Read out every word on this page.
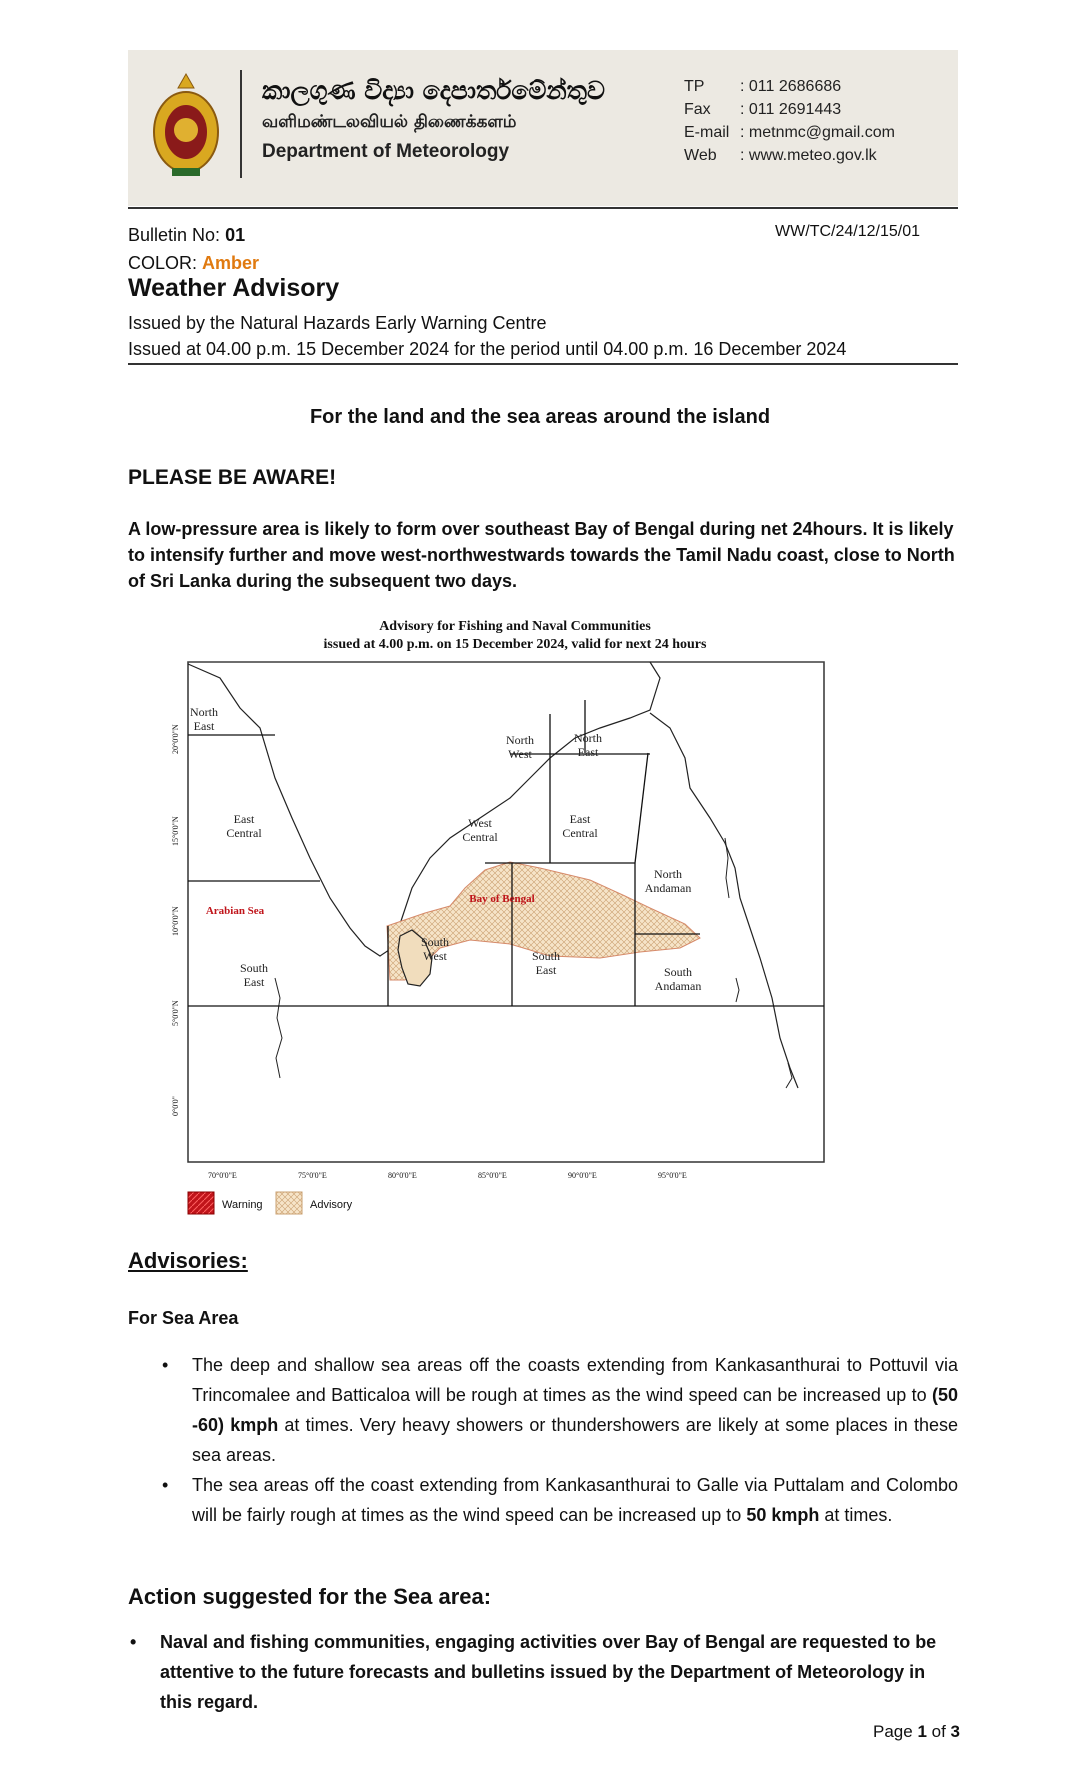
කාලගුණ විද්‍යා දෙපාර්තමේන්තුව

வளிமண்டலவியல் திணைக்களம்

Department of Meteorology

TP	: 011 2686686
Fax	: 011 2691443
E-mail : metnmc@gmail.com
Web	: www.meteo.gov.lk
Bulletin No: 01
COLOR: Amber
WW/TC/24/12/15/01
Weather Advisory
Issued by the Natural Hazards Early Warning Centre
Issued at 04.00 p.m. 15 December 2024 for the period until 04.00 p.m. 16 December 2024
For the land and the sea areas around the island
PLEASE BE AWARE!
A low-pressure area is likely to form over southeast Bay of Bengal during net 24hours. It is likely to intensify further and move west-northwestwards towards the Tamil Nadu coast, close to North of Sri Lanka during the subsequent two days.
Advisory for Fishing and Naval Communities
issued at 4.00 p.m. on 15 December 2024, valid for next 24 hours
20°0'0"N
15°0'0"N
10°0'0"N
5°0'0"N
0°0'0"
70°0'0"E	75°0'0"E	80°0'0"E	85°0'0"E	90°0'0"E	95°0'0"E
North
East
East
Central
South
East
North
West
North
East
West
Central
East
Central
South
West	South
East
North
Andaman
South
Andaman
Arabian Sea
Bay of Bengal
Warning	Advisory
Advisories:
For Sea Area
• The deep and shallow sea areas off the coasts extending from Kankasanthurai to Pottuvil via Trincomalee and Batticaloa will be rough at times as the wind speed can be increased up to (50 -60) kmph at times. Very heavy showers or thundershowers are likely at some places in these sea areas.
• The sea areas off the coast extending from Kankasanthurai to Galle via Puttalam and Colombo will be fairly rough at times as the wind speed can be increased up to 50 kmph at times.
Action suggested for the Sea area:
• Naval and fishing communities, engaging activities over Bay of Bengal are requested to be attentive to the future forecasts and bulletins issued by the Department of Meteorology in this regard.
Page 1 of 3
